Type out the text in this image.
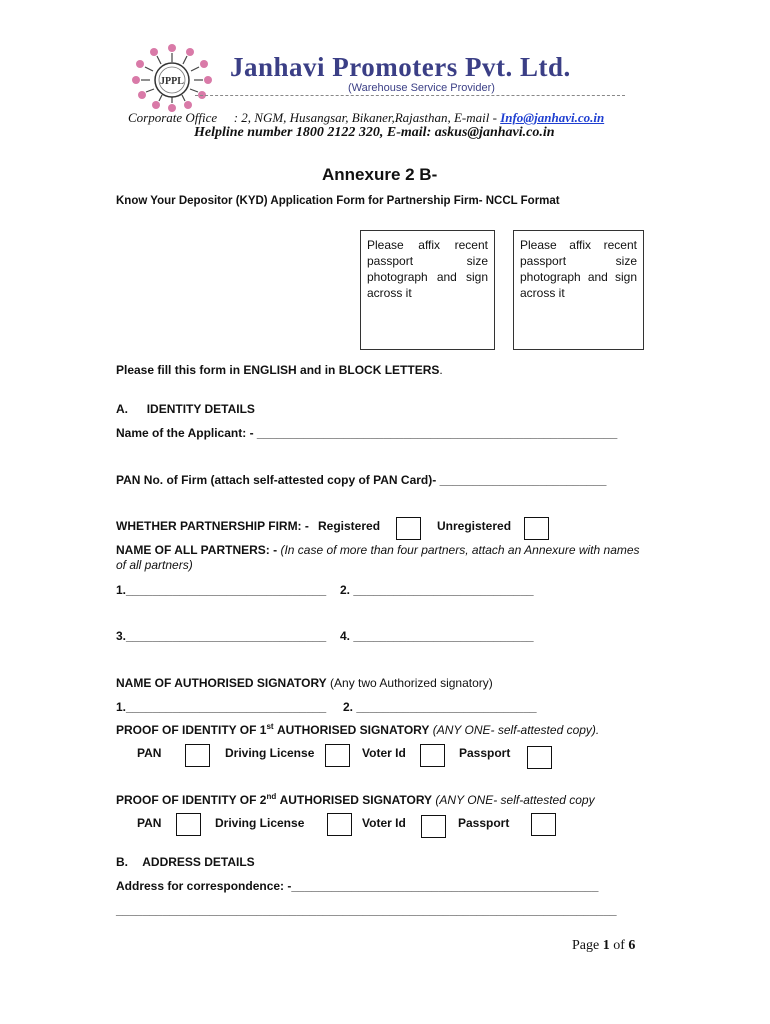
JPPL Janhavi Promoters Pvt. Ltd.
(Warehouse Service Provider)
Corporate Office : 2, NGM, Husangsar, Bikaner,Rajasthan, E-mail - Info@janhavi.co.in
Helpline number 1800 2122 320, E-mail: askus@janhavi.co.in
Annexure 2 B-
Know Your Depositor (KYD) Application Form for Partnership Firm- NCCL Format
Please affix recent
passport size
photograph and sign
across it
Please affix recent
passport size
photograph and sign
across it
Please fill this form in ENGLISH and in BLOCK LETTERS.
A. IDENTITY DETAILS
Name of the Applicant: - ______________________________________________________
PAN No. of Firm (attach self-attested copy of PAN Card)- _________________________
WHETHER PARTNERSHIP FIRM: - Registered	Unregistered
NAME OF ALL PARTNERS: - (In case of more than four partners, attach an Annexure with names
of all partners)
1.______________________________ 2. ___________________________
3.______________________________ 4. ___________________________
NAME OF AUTHORISED SIGNATORY (Any two Authorized signatory)
1.______________________________ 2. ___________________________
PROOF OF IDENTITY OF 1st AUTHORISED SIGNATORY (ANY ONE- self-attested copy).
PAN	Driving License	Voter Id	Passport
PROOF OF IDENTITY OF 2nd AUTHORISED SIGNATORY (ANY ONE- self-attested copy
PAN	Driving License	Voter Id	Passport
B. ADDRESS DETAILS
Address for correspondence: -______________________________________________
___________________________________________________________________________
Page 1 of 6
